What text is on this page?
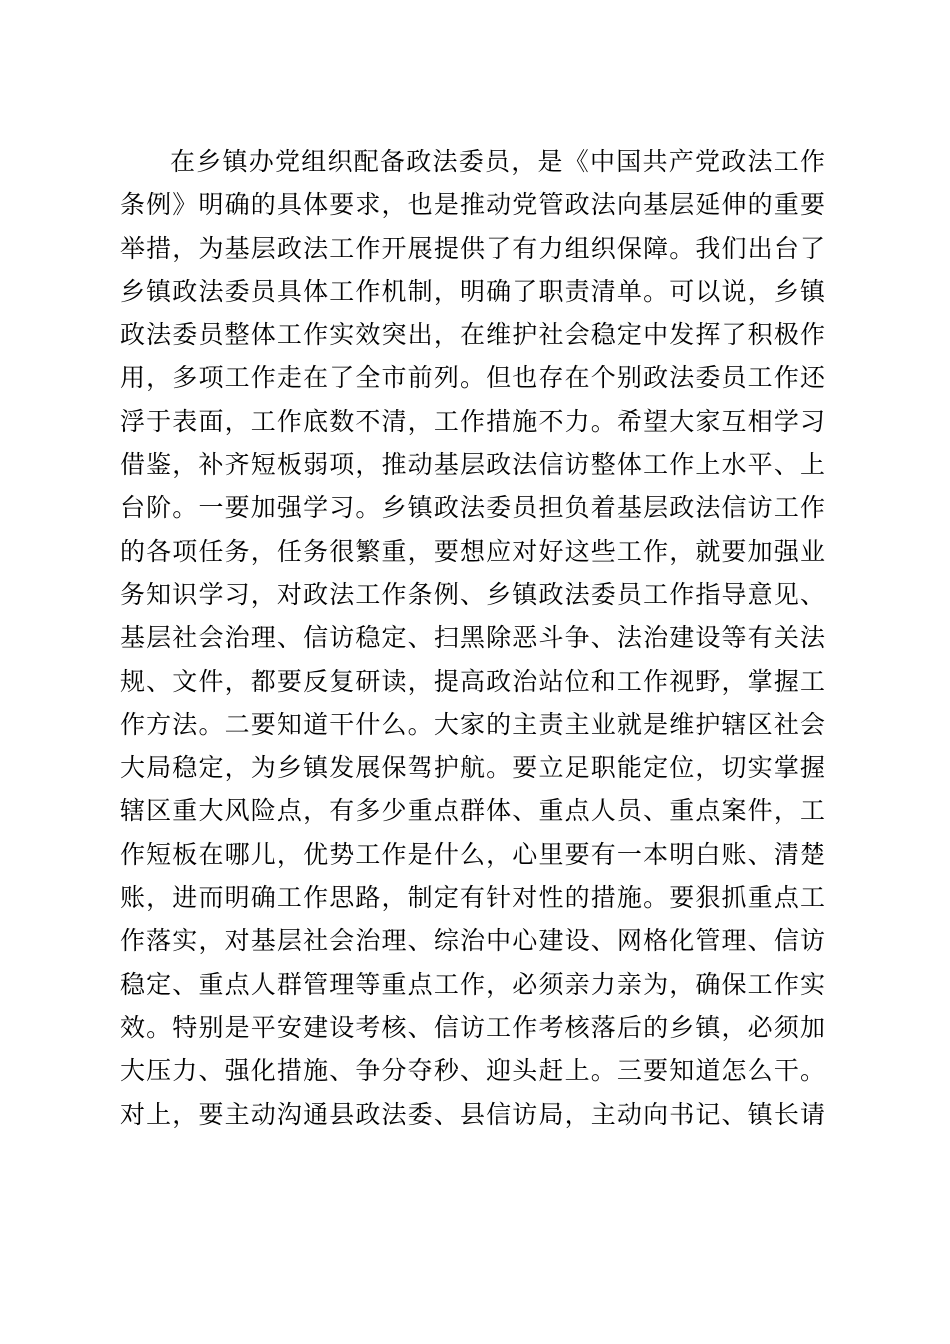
在乡镇办党组织配备政法委员，是《中国共产党政法工作
条例》明确的具体要求，也是推动党管政法向基层延伸的重要
举措，为基层政法工作开展提供了有力组织保障。我们出台了
乡镇政法委员具体工作机制，明确了职责清单。可以说，乡镇
政法委员整体工作实效突出，在维护社会稳定中发挥了积极作
用，多项工作走在了全市前列。但也存在个别政法委员工作还
浮于表面，工作底数不清，工作措施不力。希望大家互相学习
借鉴，补齐短板弱项，推动基层政法信访整体工作上水平、上
台阶。一要加强学习。乡镇政法委员担负着基层政法信访工作
的各项任务，任务很繁重，要想应对好这些工作，就要加强业
务知识学习，对政法工作条例、乡镇政法委员工作指导意见、
基层社会治理、信访稳定、扫黑除恶斗争、法治建设等有关法
规、文件，都要反复研读，提高政治站位和工作视野，掌握工
作方法。二要知道干什么。大家的主责主业就是维护辖区社会
大局稳定，为乡镇发展保驾护航。要立足职能定位，切实掌握
辖区重大风险点，有多少重点群体、重点人员、重点案件，工
作短板在哪儿，优势工作是什么，心里要有一本明白账、清楚
账，进而明确工作思路，制定有针对性的措施。要狠抓重点工
作落实，对基层社会治理、综治中心建设、网格化管理、信访
稳定、重点人群管理等重点工作，必须亲力亲为，确保工作实
效。特别是平安建设考核、信访工作考核落后的乡镇，必须加
大压力、强化措施、争分夺秒、迎头赶上。三要知道怎么干。
对上，要主动沟通县政法委、县信访局，主动向书记、镇长请
